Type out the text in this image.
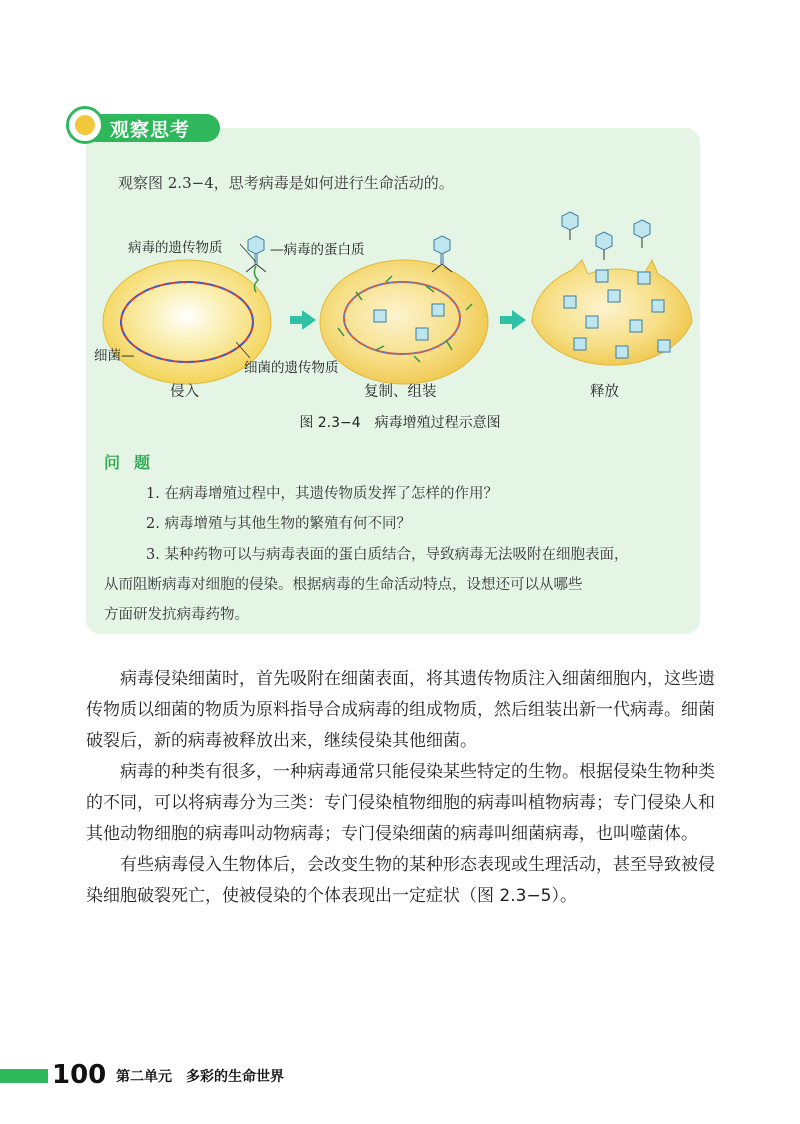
观察思考
观察图 2.3−4，思考病毒是如何进行生命活动的。
病毒的遗传物质	—病毒的蛋白质
细菌—
细菌的遗传物质
侵入	复制、组装	释放
图 2.3−4　病毒增殖过程示意图
问题
1. 在病毒增殖过程中，其遗传物质发挥了怎样的作用？
2. 病毒增殖与其他生物的繁殖有何不同？
3. 某种药物可以与病毒表面的蛋白质结合，导致病毒无法吸附在细胞表面，
从而阻断病毒对细胞的侵染。根据病毒的生命活动特点，设想还可以从哪些
方面研发抗病毒药物。

病毒侵染细菌时，首先吸附在细菌表面，将其遗传物质注入细菌细胞内，这些遗传物质以细菌的物质为原料指导合成病毒的组成物质，然后组装出新一代病毒。细菌破裂后，新的病毒被释放出来，继续侵染其他细菌。

病毒的种类有很多，一种病毒通常只能侵染某些特定的生物。根据侵染生物种类的不同，可以将病毒分为三类：专门侵染植物细胞的病毒叫植物病毒；专门侵染人和其他动物细胞的病毒叫动物病毒；专门侵染细菌的病毒叫细菌病毒，也叫噬菌体。

有些病毒侵入生物体后，会改变生物的某种形态表现或生理活动，甚至导致被侵染细胞破裂死亡，使被侵染的个体表现出一定症状（图 2.3−5）。

100 第二单元　多彩的生命世界
